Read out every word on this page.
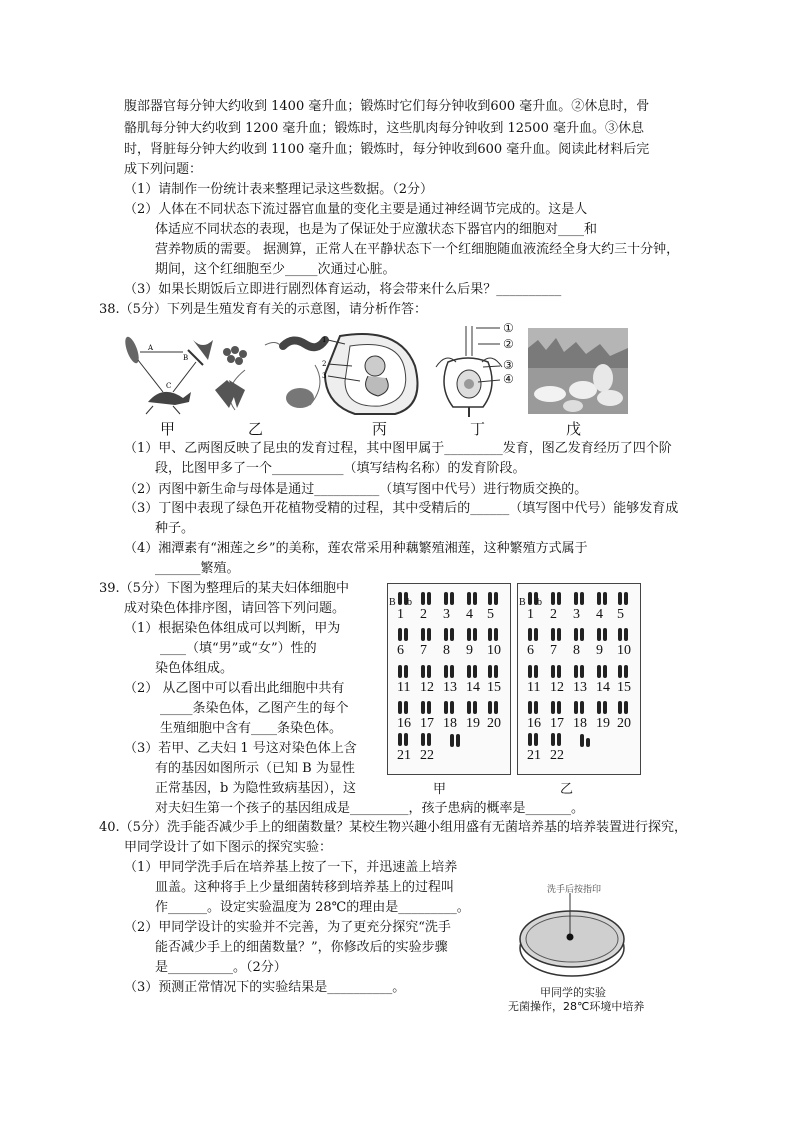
腹部器官每分钟大约收到 1400 毫升血；锻炼时它们每分钟收到600 毫升血。②休息时，骨
骼肌每分钟大约收到 1200 毫升血；锻炼时，这些肌肉每分钟收到 12500 毫升血。③休息
时，肾脏每分钟大约收到 1100 毫升血；锻炼时，每分钟收到600 毫升血。阅读此材料后完
成下列问题：
（1）请制作一份统计表来整理记录这些数据。（2分）
（2）人体在不同状态下流过器官血量的变化主要是通过神经调节完成的。这是人
体适应不同状态的表现，也是为了保证处于应激状态下器官内的细胞对____和
营养物质的需要。 据测算，正常人在平静状态下一个红细胞随血液流经全身大约三十分钟，
期间，这个红细胞至少_____次通过心脏。
（3）如果长期饭后立即进行剧烈体育运动，将会带来什么后果？__________
38.（5分）下列是生殖发育有关的示意图，请分析作答：
A
B
C
1
2
3
①
②
③
④
甲	乙	丙	丁	戊
（1）甲、乙两图反映了昆虫的发育过程，其中图甲属于_________发育，图乙发育经历了四个阶
段，比图甲多了一个___________（填写结构名称）的发育阶段。
（2）丙图中新生命与母体是通过__________（填写图中代号）进行物质交换的。
（3）丁图中表现了绿色开花植物受精的过程，其中受精后的______（填写图中代号）能够发育成
种子。
（4）湘潭素有“湘莲之乡”的美称，莲农常采用种藕繁殖湘莲，这种繁殖方式属于
_______繁殖。
39.（5分）下图为整理后的某夫妇体细胞中
成对染色体排序图，请回答下列问题。
（1）根据染色体组成可以判断，甲为
____（填“男”或“女”）性的
染色体组成。
（2） 从乙图中可以看出此细胞中共有
_____条染色体，乙图产生的每个
生殖细胞中含有____条染色体。
（3）若甲、乙夫妇 1 号这对染色体上含
有的基因如图所示（已知 B 为显性
正常基因，b 为隐性致病基因），这
对夫妇生第一个孩子的基因组成是_________，孩子患病的概率是_______。
1 2 3 4 5
6 7 8 9 10
11 12 13 14 15
16 17 18 19 20
21 22
B b
1 2 3 4 5
6 7 8 9 10
11 12 13 14 15
16 17 18 19 20
21 22
B b
甲	乙
40.（5分）洗手能否减少手上的细菌数量？某校生物兴趣小组用盛有无菌培养基的培养装置进行探究，
甲同学设计了如下图示的探究实验：
（1）甲同学洗手后在培养基上按了一下，并迅速盖上培养
皿盖。这种将手上少量细菌转移到培养基上的过程叫
作______。设定实验温度为 28℃的理由是_________。
（2）甲同学设计的实验并不完善，为了更充分探究“洗手
能否减少手上的细菌数量？”，你修改后的实验步骤
是__________。（2分）
（3）预测正常情况下的实验结果是__________。
洗手后按指印
甲同学的实验
无菌操作，28℃环境中培养
